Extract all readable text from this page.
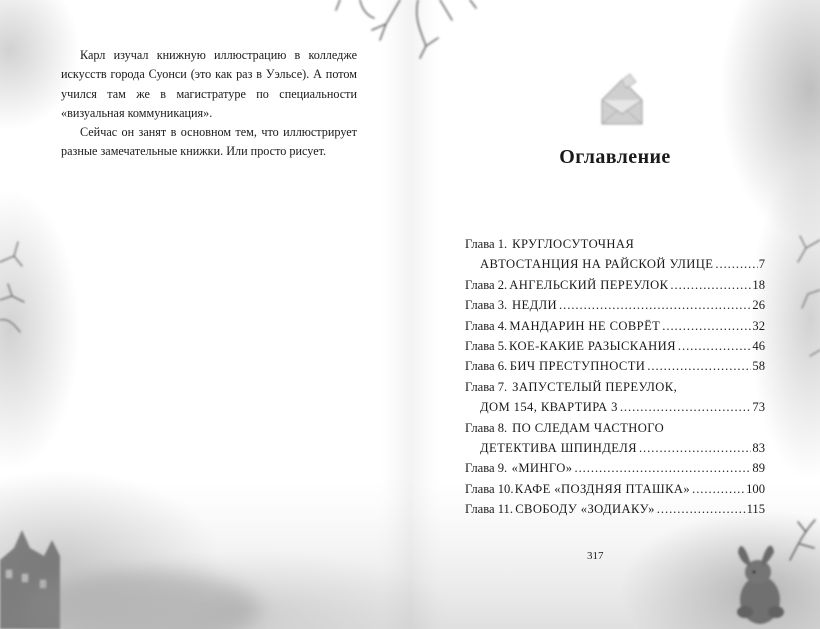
Карл изучал книжную иллюстрацию в колледже искусств города Суонси (это как раз в Уэльсе). А потом учился там же в магистратуре по специальности «визуальная коммуникация».

Сейчас он занят в основном тем, что иллюстрирует разные замечательные книжки. Или просто рисует.	Оглавление
Глава 1. КРУГЛОСУТОЧНАЯ
АВТОСТАНЦИЯ НА РАЙСКОЙ УЛИЦЕ . . .	7
Глава 2. АНГЕЛЬСКИЙ ПЕРЕУЛОК . . .	18
Глава 3. НЕДЛИ . . .	26
Глава 4. МАНДАРИН НЕ СОВРЁТ . . .	32
Глава 5. КОЕ-КАКИЕ РАЗЫСКАНИЯ . . .	46
Глава 6. БИЧ ПРЕСТУПНОСТИ . . .	58
Глава 7. ЗАПУСТЕЛЫЙ ПЕРЕУЛОК,
ДОМ 154, КВАРТИРА 3 . . .	73
Глава 8. ПО СЛЕДАМ ЧАСТНОГО
ДЕТЕКТИВА ШПИНДЕЛЯ . . .	83
Глава 9. «МИНГО» . . .	89
Глава 10. КАФЕ «ПОЗДНЯЯ ПТАШКА» . . .	100
Глава 11. СВОБОДУ «ЗОДИАКУ» . . .	115
317
